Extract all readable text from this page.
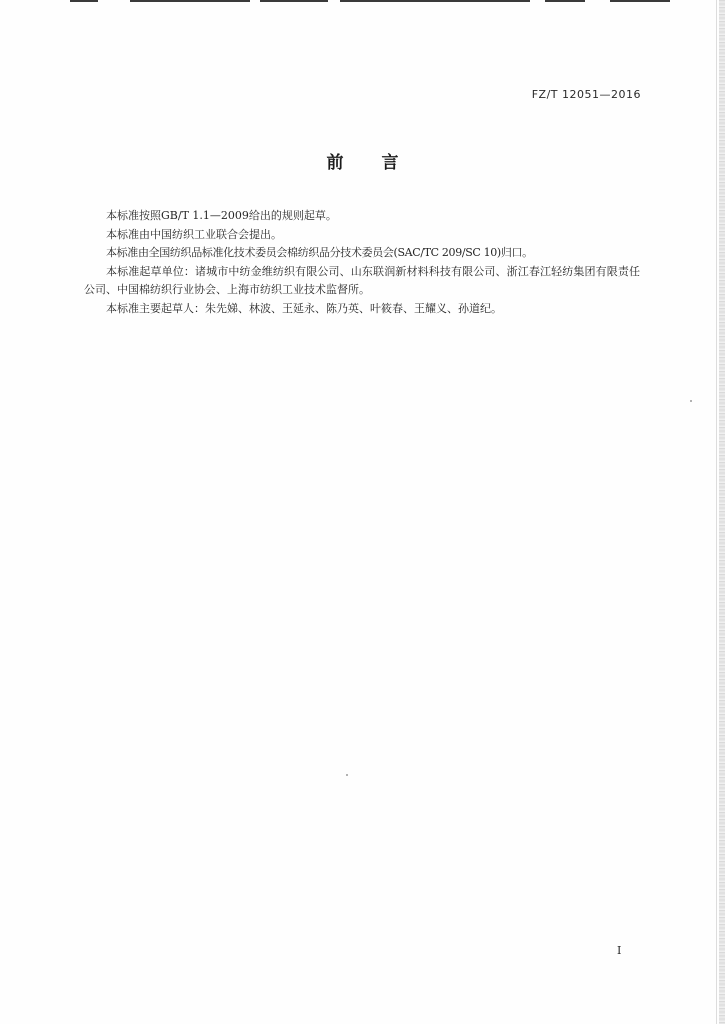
FZ/T 12051—2016
前 言

本标准按照GB/T 1.1—2009给出的规则起草。

本标准由中国纺织工业联合会提出。

本标准由全国纺织品标准化技术委员会棉纺织品分技术委员会(SAC/TC 209/SC 10)归口。

本标准起草单位：诸城市中纺金维纺织有限公司、山东联润新材料科技有限公司、浙江春江轻纺集团有限责任公司、中国棉纺织行业协会、上海市纺织工业技术监督所。

本标准主要起草人：朱先娣、林波、王延永、陈乃英、叶筱春、王耀义、孙道纪。

I
